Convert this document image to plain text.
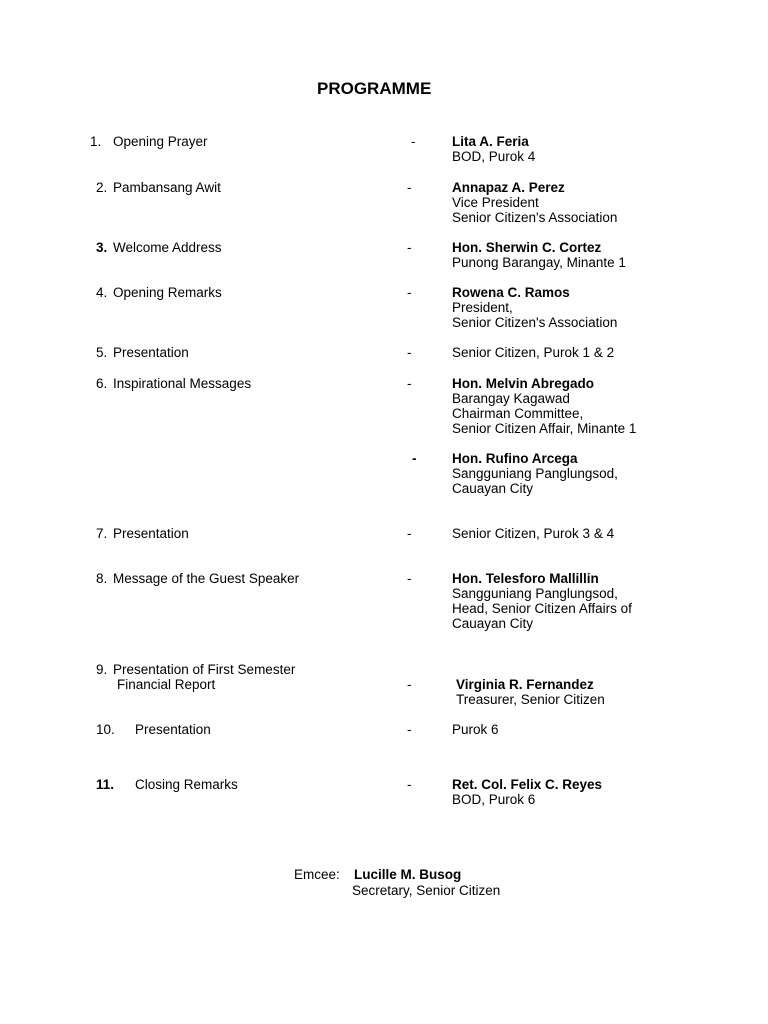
PROGRAMME
1. Opening Prayer	-	Lita A. Feria
BOD, Purok 4
2. Pambansang Awit	-	Annapaz A. Perez
Vice President
Senior Citizen's Association
3. Welcome Address	-	Hon. Sherwin C. Cortez
Punong Barangay, Minante 1
4. Opening Remarks	-	Rowena C. Ramos
President,
Senior Citizen's Association
5. Presentation	-	Senior Citizen, Purok 1 & 2
6. Inspirational Messages	-	Hon. Melvin Abregado
Barangay Kagawad
Chairman Committee,
Senior Citizen Affair, Minante 1
-	Hon. Rufino Arcega
Sangguniang Panglungsod,
Cauayan City
7. Presentation	-	Senior Citizen, Purok 3 & 4
8. Message of the Guest Speaker	-	Hon. Telesforo Mallillin
Sangguniang Panglungsod,
Head, Senior Citizen Affairs of
Cauayan City
9. Presentation of First Semester
Financial Report	-	Virginia R. Fernandez
Treasurer, Senior Citizen
10. Presentation	-	Purok 6
11. Closing Remarks	-	Ret. Col. Felix C. Reyes
BOD, Purok 6
Emcee: Lucille M. Busog
Secretary, Senior Citizen
